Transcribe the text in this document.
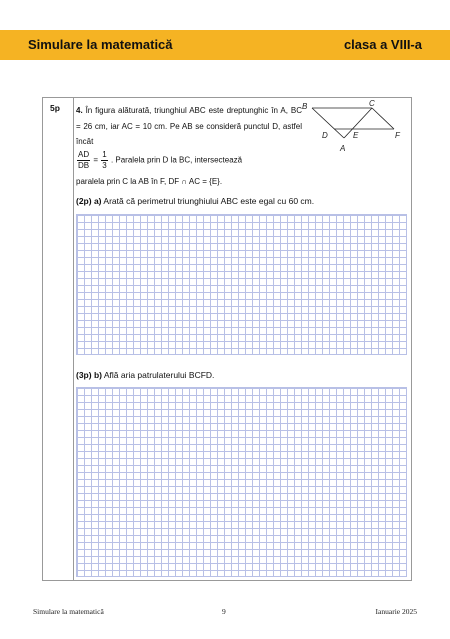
Simulare la matematică	clasa a VIII-a
5p 4. În figura alăturată, triunghiul ABC este dreptunghic în A, BC = 26 cm, iar AC = 10 cm. Pe AB se consideră punctul D, astfel încât

$\frac{AD}{DB} = \frac{1}{3}$ . Paralela prin D la BC, intersectează
paralela prin C la AB în F, DF ∩ AC = {E}.
B	C
D	E	F
A
(2p) a) Arată că perimetrul triunghiului ABC este egal cu 60 cm.
(3p) b) Află aria patrulaterului BCFD.
Simulare la matematică	9	Ianuarie 2025
